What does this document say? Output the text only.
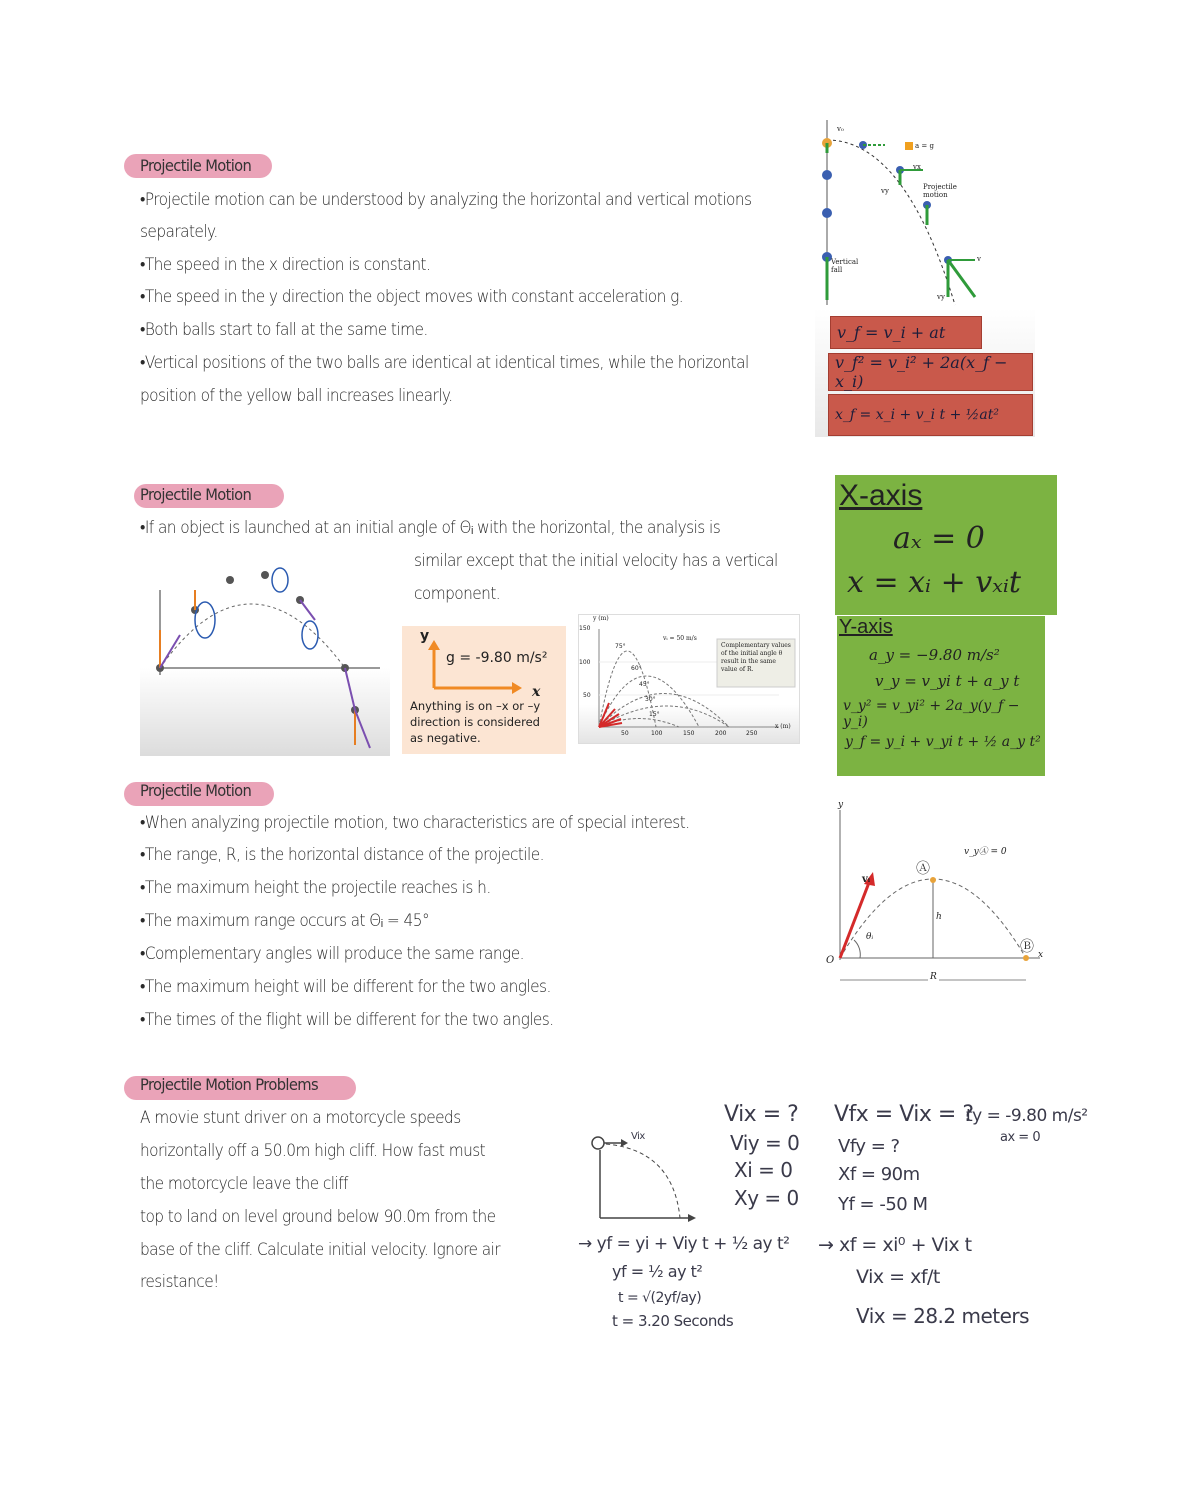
Projectile Motion
•Projectile motion can be understood by analyzing the horizontal and vertical motions
separately.
•The speed in the x direction is constant.
•The speed in the y direction the object moves with constant acceleration g.
•Both balls start to fall at the same time.
•Vertical positions of the two balls are identical at identical times, while the horizontal
position of the yellow ball increases linearly.
v₀
a = g
Projectile motion
Vertical fall
vy
vx
v
vy
v_f = v_i + at
v_f² = v_i² + 2a(x_f − x_i)
x_f = x_i + v_i t + ½at²
Projectile Motion
•If an object is launched at an initial angle of Θᵢ with the horizontal, the analysis is
similar except that the initial velocity has a vertical
component.
y
x
g = -9.80 m/s²
Anything is on –x or –y
direction is considered
as negative.
y (m)
x (m)
vᵢ = 50 m/s
150
100
50
50	100	150	200	250
75°
60°
45°
30°
15°
Complementary values of the initial angle θ result in the same value of R.
X-axis
aₓ = 0
x = xᵢ + vₓᵢt
Y-axis
a_y = −9.80 m/s²
v_y = v_yi t + a_y t
v_y² = v_yi² + 2a_y(y_f − y_i)
y_f = y_i + v_yi t + ½ a_y t²
Projectile Motion
•When analyzing projectile motion, two characteristics are of special interest.
•The range, R, is the horizontal distance of the projectile.
•The maximum height the projectile reaches is h.
•The maximum range occurs at Θᵢ = 45°
•Complementary angles will produce the same range.
•The maximum height will be different for the two angles.
•The times of the flight will be different for the two angles.
y
x
O
vᵢ
θᵢ
h
R
Ⓐ
Ⓑ
v_yⒶ = 0
Projectile Motion Problems
A movie stunt driver on a motorcycle speeds
horizontally off a 50.0m high cliff. How fast must
the motorcycle leave the cliff
top to land on level ground below 90.0m from the
base of the cliff. Calculate initial velocity. Ignore air
resistance!
Vix
Vix = ?
Viy = 0
Xi = 0
Xy = 0
Vfx = Vix = ?
Vfy = ?
Xf = 90m
Yf = -50 M
ty = -9.80 m/s²
ax = 0
→ yf = yi + Viy t + ½ ay t²
yf = ½ ay t²
t = √(2yf/ay)
t = 3.20 Seconds
→ xf = xi⁰ + Vix t
Vix = xf/t
Vix = 28.2 meters
